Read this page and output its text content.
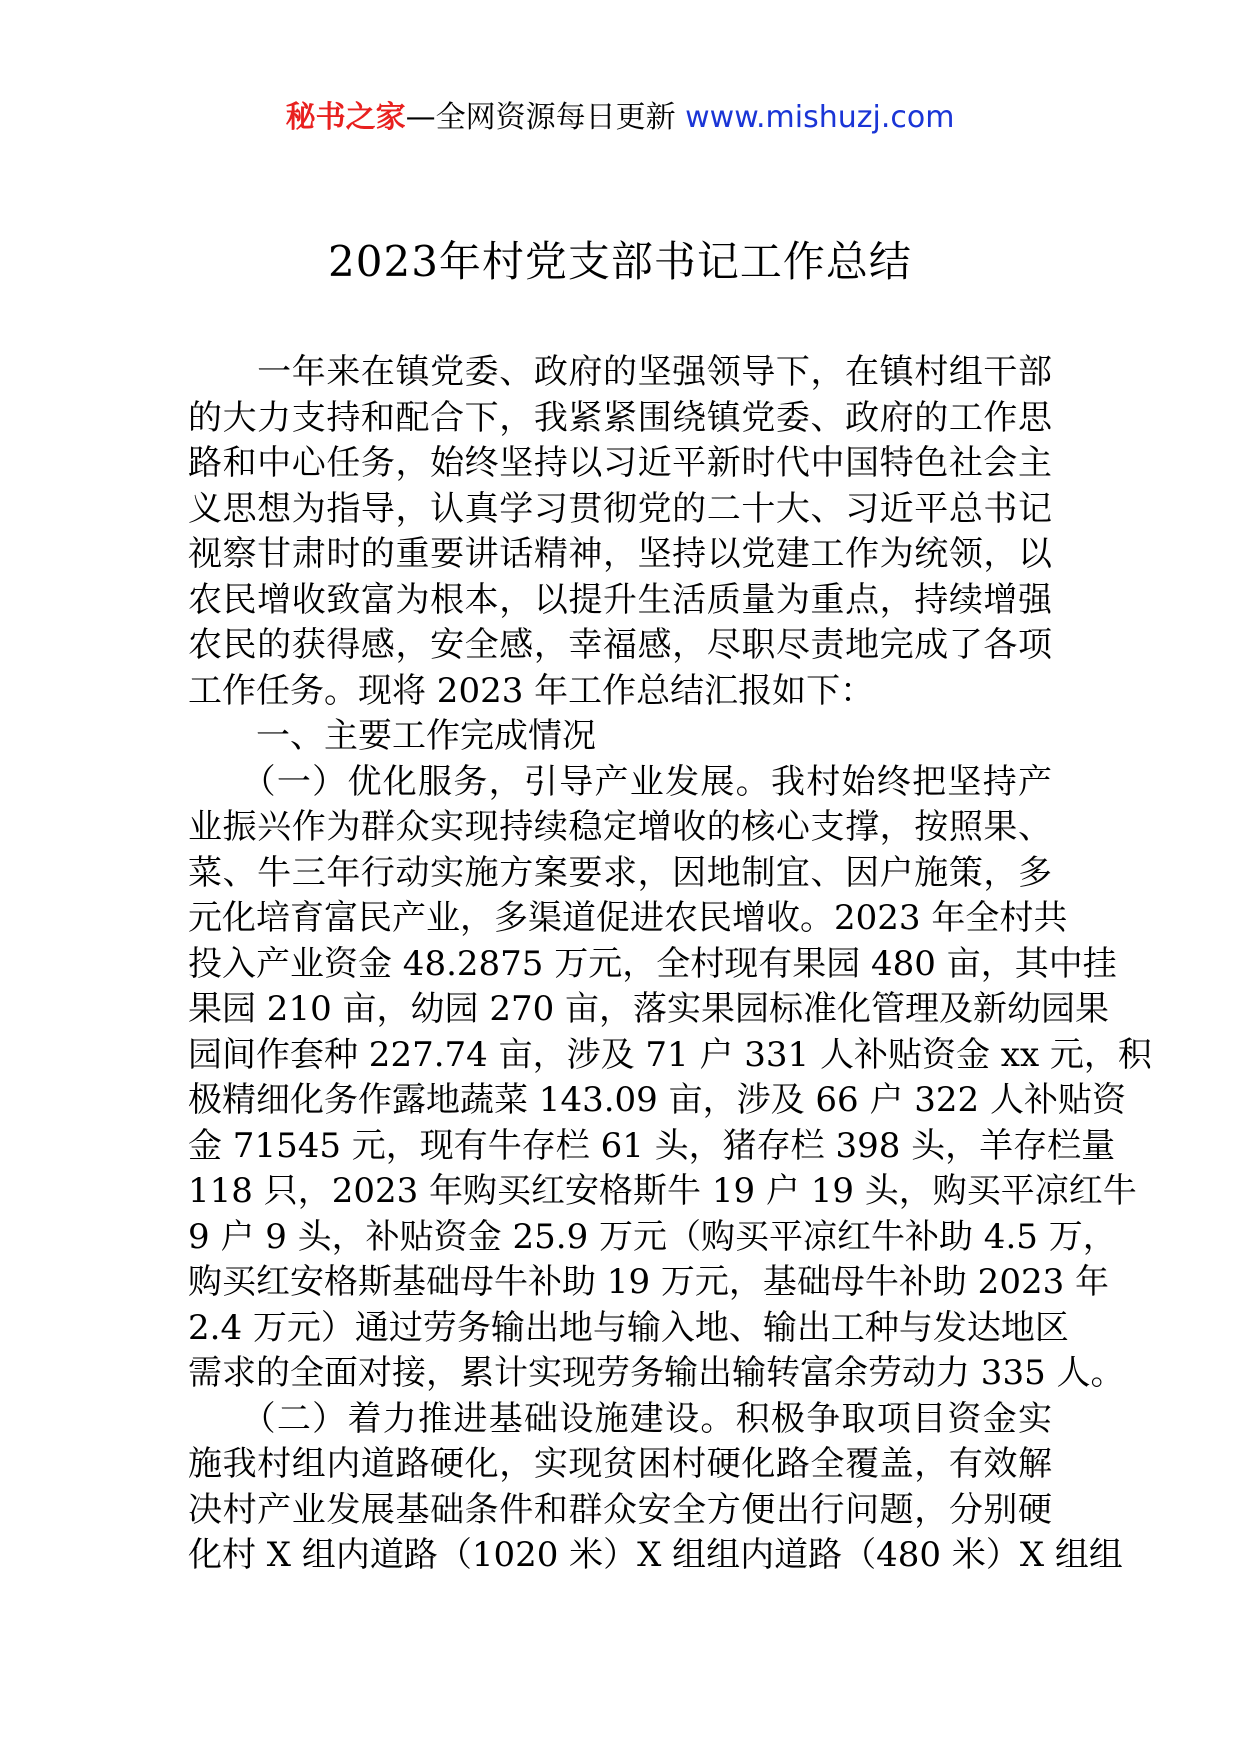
秘书之家—全网资源每日更新 www.mishuzj.com
2023年村党支部书记工作总结
　　一年来在镇党委、政府的坚强领导下，在镇村组干部
的大力支持和配合下，我紧紧围绕镇党委、政府的工作思
路和中心任务，始终坚持以习近平新时代中国特色社会主
义思想为指导，认真学习贯彻党的二十大、习近平总书记
视察甘肃时的重要讲话精神，坚持以党建工作为统领，以
农民增收致富为根本，以提升生活质量为重点，持续增强
农民的获得感，安全感，幸福感，尽职尽责地完成了各项
工作任务。现将 2023 年工作总结汇报如下：
　　一、主要工作完成情况
　　（一）优化服务，引导产业发展。我村始终把坚持产
业振兴作为群众实现持续稳定增收的核心支撑，按照果、
菜、牛三年行动实施方案要求，因地制宜、因户施策，多
元化培育富民产业，多渠道促进农民增收。2023 年全村共
投入产业资金 48.2875 万元，全村现有果园 480 亩，其中挂
果园 210 亩，幼园 270 亩，落实果园标准化管理及新幼园果
园间作套种 227.74 亩，涉及 71 户 331 人补贴资金 xx 元，积
极精细化务作露地蔬菜 143.09 亩，涉及 66 户 322 人补贴资
金 71545 元，现有牛存栏 61 头，猪存栏 398 头，羊存栏量
118 只，2023 年购买红安格斯牛 19 户 19 头，购买平凉红牛
9 户 9 头，补贴资金 25.9 万元（购买平凉红牛补助 4.5 万，
购买红安格斯基础母牛补助 19 万元，基础母牛补助 2023 年
2.4 万元）通过劳务输出地与输入地、输出工种与发达地区
需求的全面对接，累计实现劳务输出输转富余劳动力 335 人。
　　（二）着力推进基础设施建设。积极争取项目资金实
施我村组内道路硬化，实现贫困村硬化路全覆盖，有效解
决村产业发展基础条件和群众安全方便出行问题，分别硬
化村 X 组内道路（1020 米）X 组组内道路（480 米）X 组组
